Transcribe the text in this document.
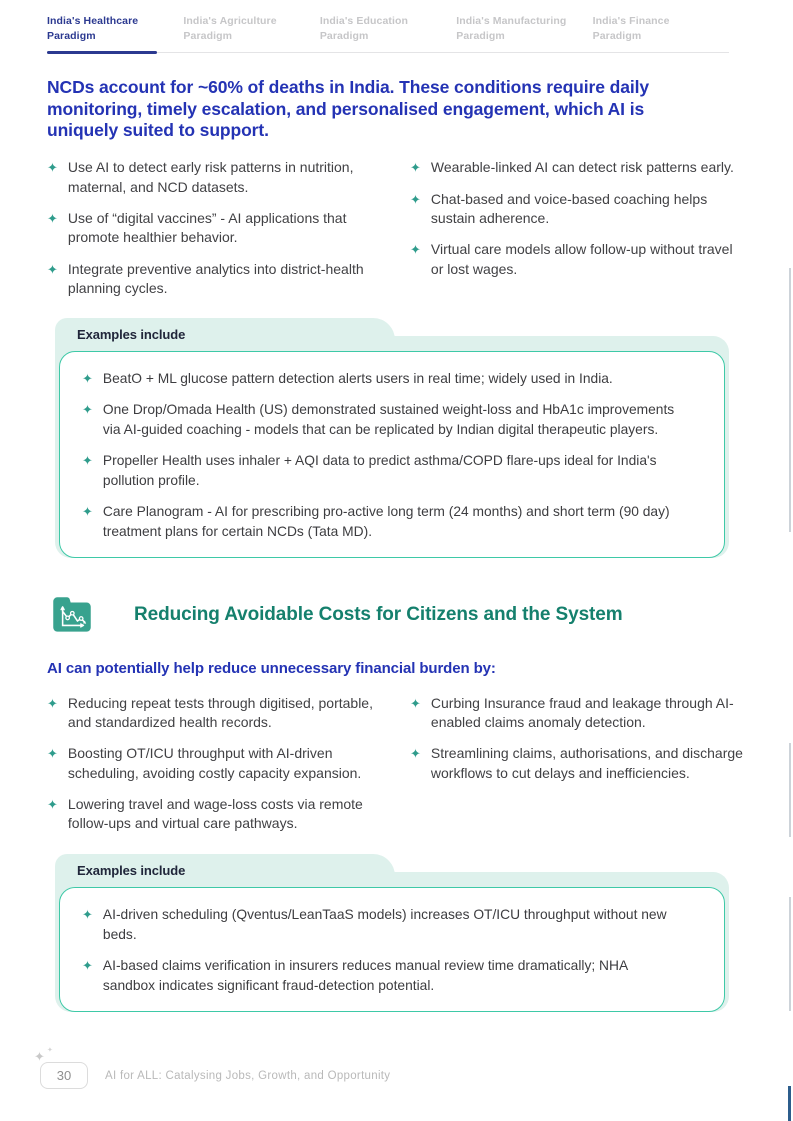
India's Healthcare Paradigm
India's Agriculture Paradigm
India's Education Paradigm
India's Manufacturing Paradigm
India's Finance Paradigm
NCDs account for ~60% of deaths in India. These conditions require daily monitoring, timely escalation, and personalised engagement, which AI is uniquely suited to support.
✦ Use AI to detect early risk patterns in nutrition, maternal, and NCD datasets.
✦ Use of “digital vaccines” - AI applications that promote healthier behavior.
✦ Integrate preventive analytics into district-health planning cycles.
✦ Wearable-linked AI can detect risk patterns early.
✦ Chat-based and voice-based coaching helps sustain adherence.
✦ Virtual care models allow follow-up without travel or lost wages.
Examples include
✦ BeatO + ML glucose pattern detection alerts users in real time; widely used in India.
✦ One Drop/Omada Health (US) demonstrated sustained weight-loss and HbA1c improvements via AI-guided coaching - models that can be replicated by Indian digital therapeutic players.
✦ Propeller Health uses inhaler + AQI data to predict asthma/COPD flare-ups ideal for India's pollution profile.
✦ Care Planogram - AI for prescribing pro-active long term (24 months) and short term (90 day) treatment plans for certain NCDs (Tata MD).
Reducing Avoidable Costs for Citizens and the System
AI can potentially help reduce unnecessary financial burden by:
✦ Reducing repeat tests through digitised, portable, and standardized health records.
✦ Boosting OT/ICU throughput with AI-driven scheduling, avoiding costly capacity expansion.
✦ Lowering travel and wage-loss costs via remote follow-ups and virtual care pathways.
✦ Curbing Insurance fraud and leakage through AI-enabled claims anomaly detection.
✦ Streamlining claims, authorisations, and discharge workflows to cut delays and inefficiencies.
Examples include
✦ AI-driven scheduling (Qventus/LeanTaaS models) increases OT/ICU throughput without new beds.
✦ AI-based claims verification in insurers reduces manual review time dramatically; NHA sandbox indicates significant fraud-detection potential.
✦ ✦
30	AI for ALL: Catalysing Jobs, Growth, and Opportunity
